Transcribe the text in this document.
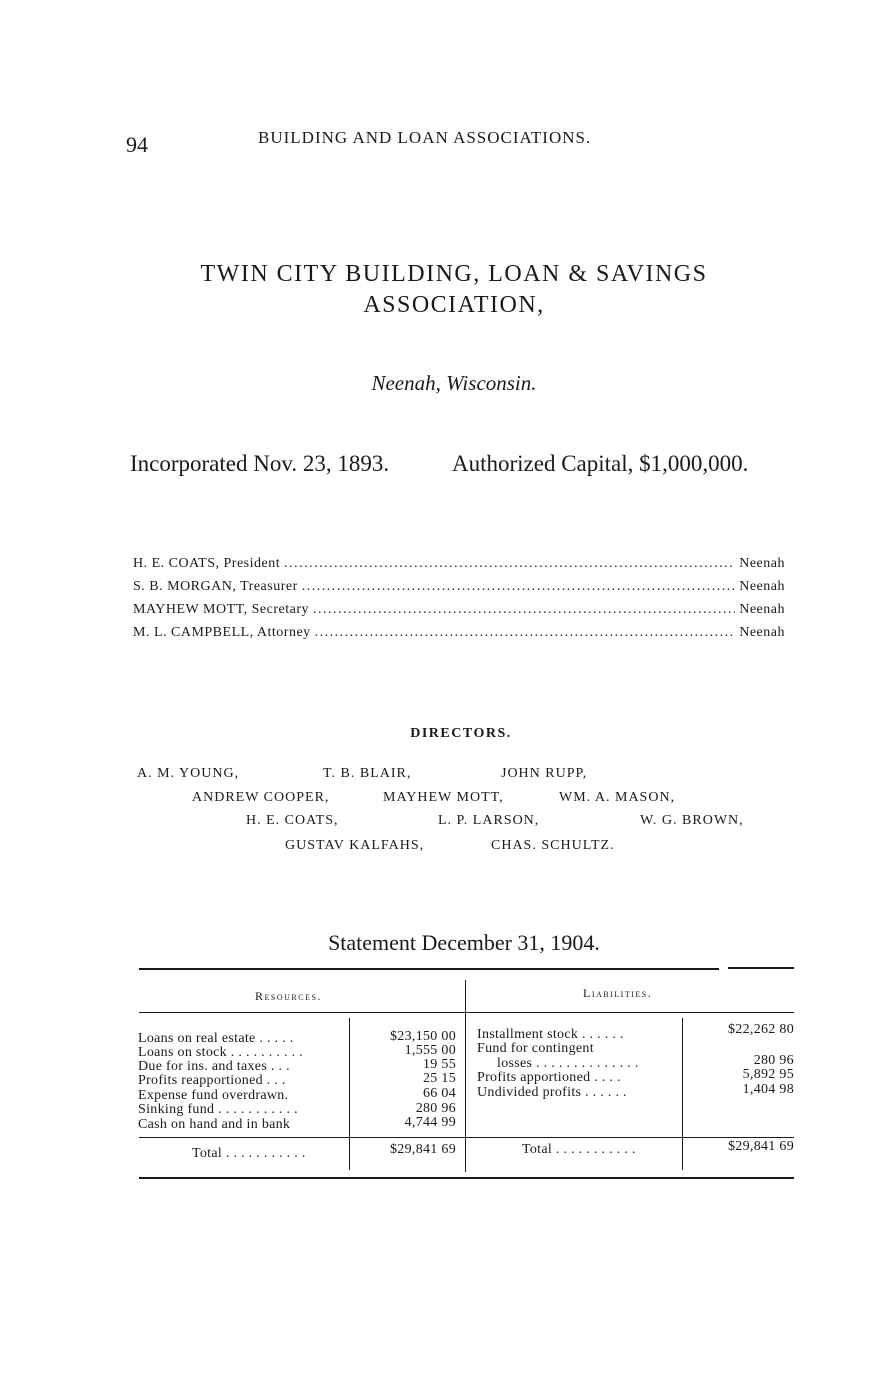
94	BUILDING AND LOAN ASSOCIATIONS.
TWIN CITY BUILDING, LOAN & SAVINGS
ASSOCIATION,
Neenah, Wisconsin.
Incorporated Nov. 23, 1893.	Authorized Capital, $1,000,000.
H. E. COATS, President . . .	Neenah
S. B. MORGAN, Treasurer . . .	Neenah
MAYHEW MOTT, Secretary . . .	Neenah
M. L. CAMPBELL, Attorney . . .	Neenah
DIRECTORS.
A. M. YOUNG,	T. B. BLAIR,	JOHN RUPP,
ANDREW COOPER,	MAYHEW MOTT,	WM. A. MASON,
H. E. COATS,	L. P. LARSON,	W. G. BROWN,
GUSTAV KALFAHS,	CHAS. SCHULTZ.
Statement December 31, 1904.
Resources.	Liabilities.
Loans on real estate . . . . .	$23,150 00
Loans on stock . . . . . . . . . .	1,555 00
Due for ins. and taxes . . .	19 55
Profits reapportioned . . .	25 15
Expense fund overdrawn.	66 04
Sinking fund . . . . . . . . . . .	280 96
Cash on hand and in bank	4,744 99
Total . . . . . . . . . . .	$29,841 69
Installment stock . . . . . .	$22,262 80
Fund for contingent
losses . . . . . . . . . . . . . .	280 96
Profits apportioned . . . .	5,892 95
Undivided profits . . . . . .	1,404 98
Total . . . . . . . . . . .	$29,841 69
